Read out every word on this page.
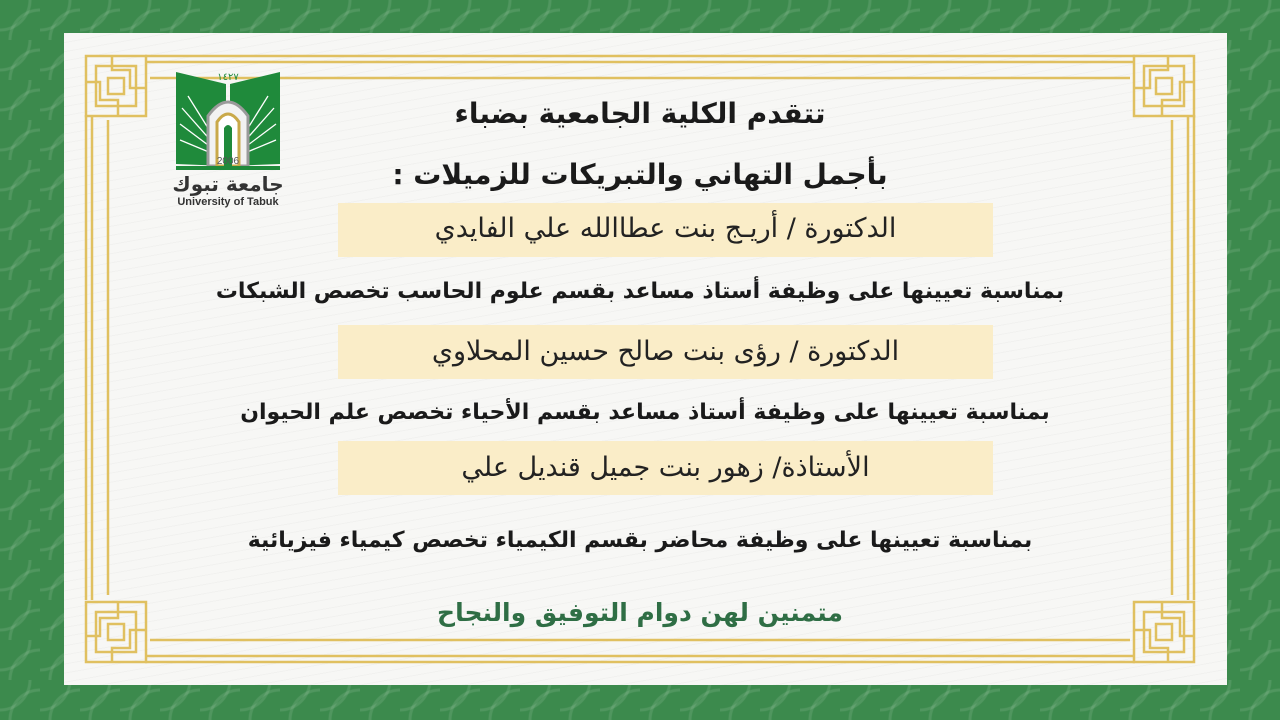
١٤٢٧
2006
جامعة تبوك
University of Tabuk
تتقدم الكلية الجامعية بضباء
بأجمل التهاني والتبريكات للزميلات :
الدكتورة / أريـج بنت عطاالله علي الفايدي
بمناسبة تعيينها على وظيفة أستاذ مساعد بقسم علوم الحاسب تخصص الشبكات
الدكتورة / رؤى بنت صالح حسين المحلاوي
بمناسبة تعيينها على وظيفة أستاذ مساعد بقسم الأحياء تخصص علم الحيوان
الأستاذة/ زهور بنت جميل قنديل علي
بمناسبة تعيينها على وظيفة محاضر بقسم الكيمياء تخصص كيمياء فيزيائية
متمنين لهن دوام التوفيق والنجاح
